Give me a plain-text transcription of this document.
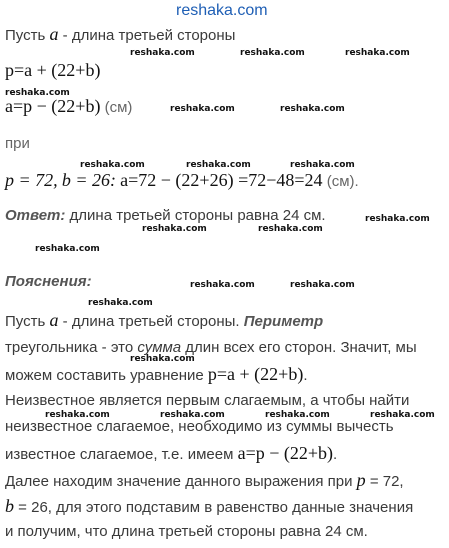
reshaka.com
Пусть a - длина третьей стороны
p=a + (22+b)
a=p − (22+b) (см)
при
p = 72, b = 26: a=72 − (22+26) =72−48=24 (см).
Ответ: длина третьей стороны равна 24 см.
Пояснения:
Пусть a - длина третьей стороны. Периметр
треугольника - это сумма длин всех его сторон. Значит, мы
можем составить уравнение p=a + (22+b).
Неизвестное является первым слагаемым, а чтобы найти
неизвестное слагаемое, необходимо из суммы вычесть
известное слагаемое, т.е. имеем a=p − (22+b).
Далее находим значение данного выражения при p = 72,
b = 26, для этого подставим в равенство данные значения
и получим, что длина третьей стороны равна 24 см.
reshaka.com	reshaka.com	reshaka.com
reshaka.com
reshaka.com	reshaka.com
reshaka.com	reshaka.com	reshaka.com
reshaka.com
reshaka.com	reshaka.com
reshaka.com
reshaka.com	reshaka.com
reshaka.com
reshaka.com
reshaka.com	reshaka.com	reshaka.com	reshaka.com
